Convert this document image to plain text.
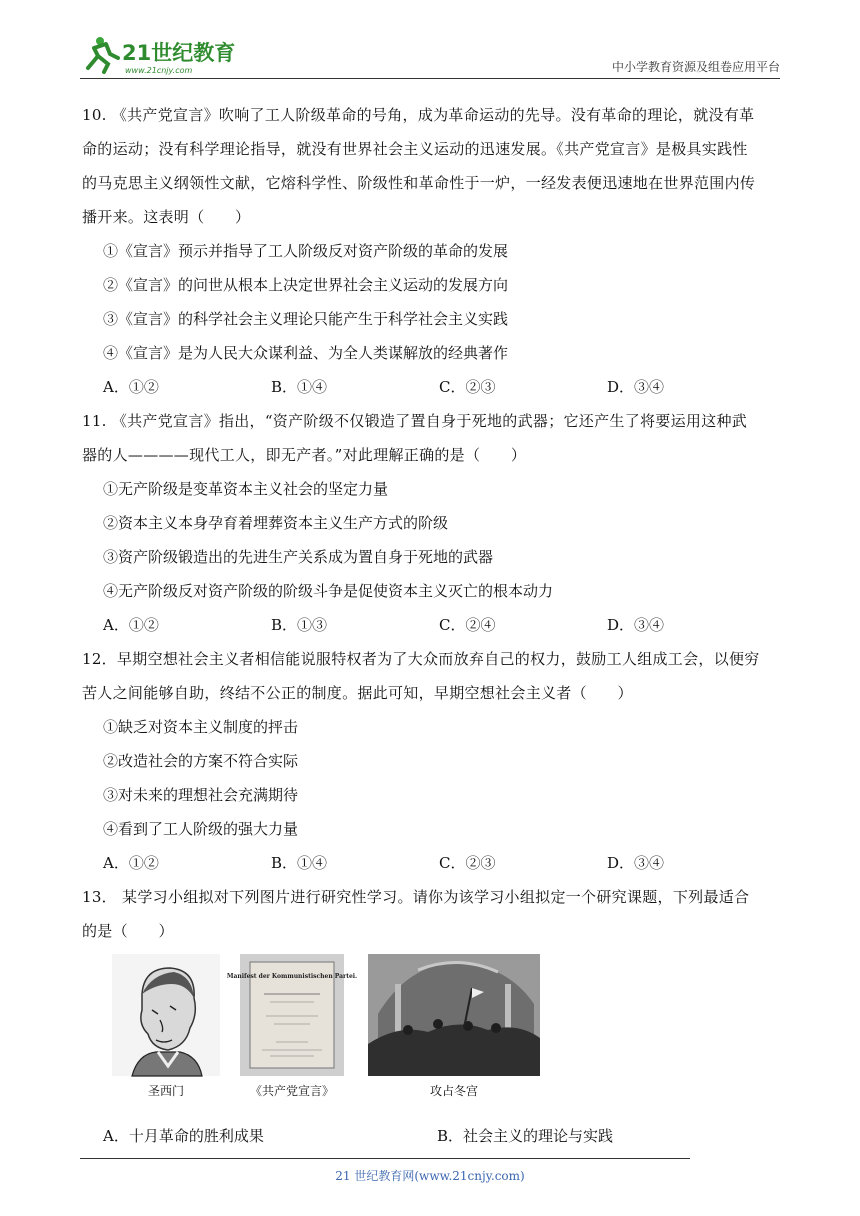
21世纪教育
www.21cnjy.com	中小学教育资源及组卷应用平台

10. 《共产党宣言》吹响了工人阶级革命的号角，成为革命运动的先导。没有革命的理论，就没有革

命的运动；没有科学理论指导，就没有世界社会主义运动的迅速发展。《共产党宣言》是极具实践性

的马克思主义纲领性文献，它熔科学性、阶级性和革命性于一炉，一经发表便迅速地在世界范围内传

播开来。这表明（　　）

①《宣言》预示并指导了工人阶级反对资产阶级的革命的发展

②《宣言》的问世从根本上决定世界社会主义运动的发展方向

③《宣言》的科学社会主义理论只能产生于科学社会主义实践

④《宣言》是为人民大众谋利益、为全人类谋解放的经典著作

A．①②	B．①④	C．②③	D．③④

11. 《共产党宣言》指出，“资产阶级不仅锻造了置自身于死地的武器；它还产生了将要运用这种武

器的人————现代工人，即无产者。”对此理解正确的是（　　）

①无产阶级是变革资本主义社会的坚定力量

②资本主义本身孕育着埋葬资本主义生产方式的阶级

③资产阶级锻造出的先进生产关系成为置自身于死地的武器

④无产阶级反对资产阶级的阶级斗争是促使资本主义灭亡的根本动力

A．①②	B．①③	C．②④	D．③④

12．早期空想社会主义者相信能说服特权者为了大众而放弃自己的权力，鼓励工人组成工会，以便穷

苦人之间能够自助，终结不公正的制度。据此可知，早期空想社会主义者（　　）

①缺乏对资本主义制度的抨击

②改造社会的方案不符合实际

③对未来的理想社会充满期待

④看到了工人阶级的强大力量

A．①②	B．①④	C．②③	D．③④

13． 某学习小组拟对下列图片进行研究性学习。请你为该学习小组拟定一个研究课题，下列最适合

的是（　　）

圣西门
Manifest der Kommunistischen Partei.
《共产党宣言》	攻占冬宫
A．十月革命的胜利成果	B．社会主义的理论与实践
21 世纪教育网(www.21cnjy.com)
